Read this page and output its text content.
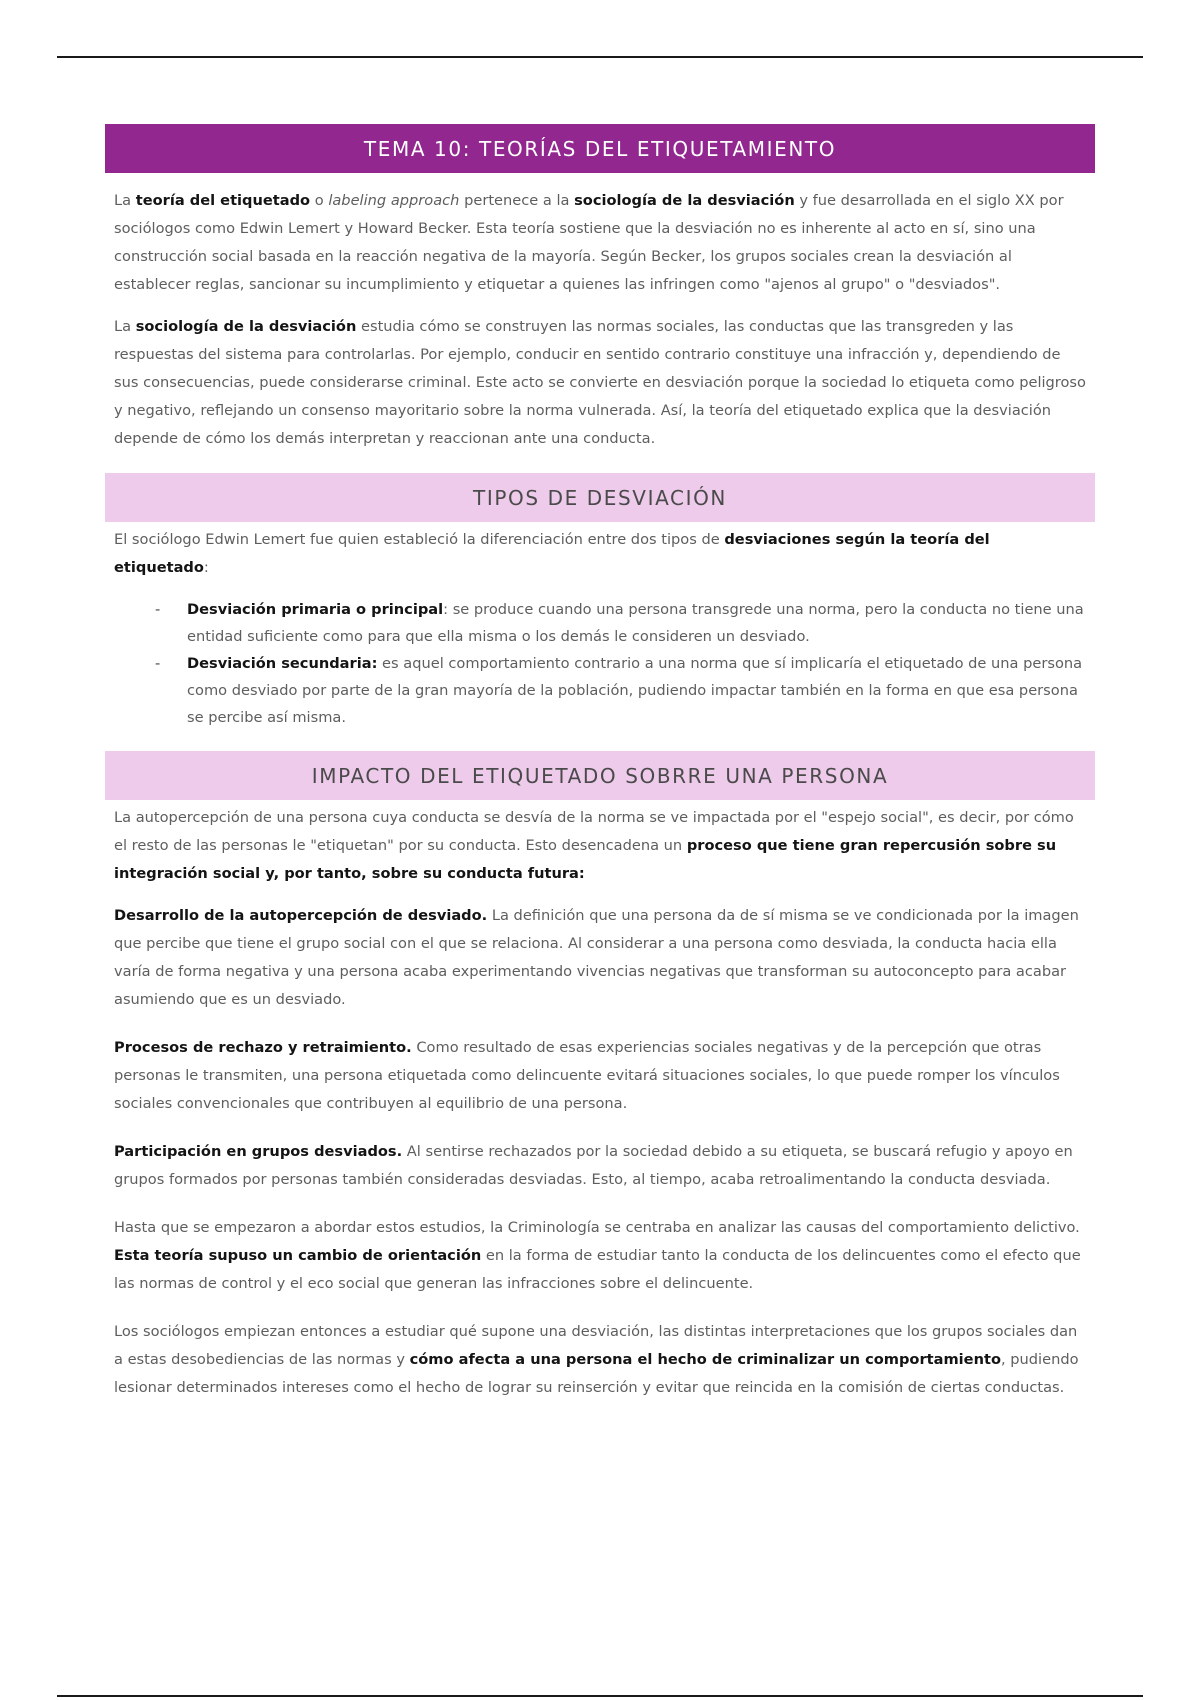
TEMA 10: TEORÍAS DEL ETIQUETAMIENTO

La teoría del etiquetado o labeling approach pertenece a la sociología de la desviación y fue desarrollada en el siglo XX por sociólogos como Edwin Lemert y Howard Becker. Esta teoría sostiene que la desviación no es inherente al acto en sí, sino una construcción social basada en la reacción negativa de la mayoría. Según Becker, los grupos sociales crean la desviación al establecer reglas, sancionar su incumplimiento y etiquetar a quienes las infringen como "ajenos al grupo" o "desviados".

La sociología de la desviación estudia cómo se construyen las normas sociales, las conductas que las transgreden y las respuestas del sistema para controlarlas. Por ejemplo, conducir en sentido contrario constituye una infracción y, dependiendo de sus consecuencias, puede considerarse criminal. Este acto se convierte en desviación porque la sociedad lo etiqueta como peligroso y negativo, reflejando un consenso mayoritario sobre la norma vulnerada. Así, la teoría del etiquetado explica que la desviación depende de cómo los demás interpretan y reaccionan ante una conducta.

TIPOS DE DESVIACIÓN

El sociólogo Edwin Lemert fue quien estableció la diferenciación entre dos tipos de desviaciones según la teoría del etiquetado:

- Desviación primaria o principal: se produce cuando una persona transgrede una norma, pero la conducta no tiene una entidad suficiente como para que ella misma o los demás le consideren un desviado.
- Desviación secundaria: es aquel comportamiento contrario a una norma que sí implicaría el etiquetado de una persona como desviado por parte de la gran mayoría de la población, pudiendo impactar también en la forma en que esa persona se percibe así misma.
IMPACTO DEL ETIQUETADO SOBRRE UNA PERSONA

La autopercepción de una persona cuya conducta se desvía de la norma se ve impactada por el "espejo social", es decir, por cómo el resto de las personas le "etiquetan" por su conducta. Esto desencadena un proceso que tiene gran repercusión sobre su integración social y, por tanto, sobre su conducta futura:

Desarrollo de la autopercepción de desviado. La definición que una persona da de sí misma se ve condicionada por la imagen que percibe que tiene el grupo social con el que se relaciona. Al considerar a una persona como desviada, la conducta hacia ella varía de forma negativa y una persona acaba experimentando vivencias negativas que transforman su autoconcepto para acabar asumiendo que es un desviado.

Procesos de rechazo y retraimiento. Como resultado de esas experiencias sociales negativas y de la percepción que otras personas le transmiten, una persona etiquetada como delincuente evitará situaciones sociales, lo que puede romper los vínculos sociales convencionales que contribuyen al equilibrio de una persona.

Participación en grupos desviados. Al sentirse rechazados por la sociedad debido a su etiqueta, se buscará refugio y apoyo en grupos formados por personas también consideradas desviadas. Esto, al tiempo, acaba retroalimentando la conducta desviada.

Hasta que se empezaron a abordar estos estudios, la Criminología se centraba en analizar las causas del comportamiento delictivo. Esta teoría supuso un cambio de orientación en la forma de estudiar tanto la conducta de los delincuentes como el efecto que las normas de control y el eco social que generan las infracciones sobre el delincuente.

Los sociólogos empiezan entonces a estudiar qué supone una desviación, las distintas interpretaciones que los grupos sociales dan a estas desobediencias de las normas y cómo afecta a una persona el hecho de criminalizar un comportamiento, pudiendo lesionar determinados intereses como el hecho de lograr su reinserción y evitar que reincida en la comisión de ciertas conductas.
